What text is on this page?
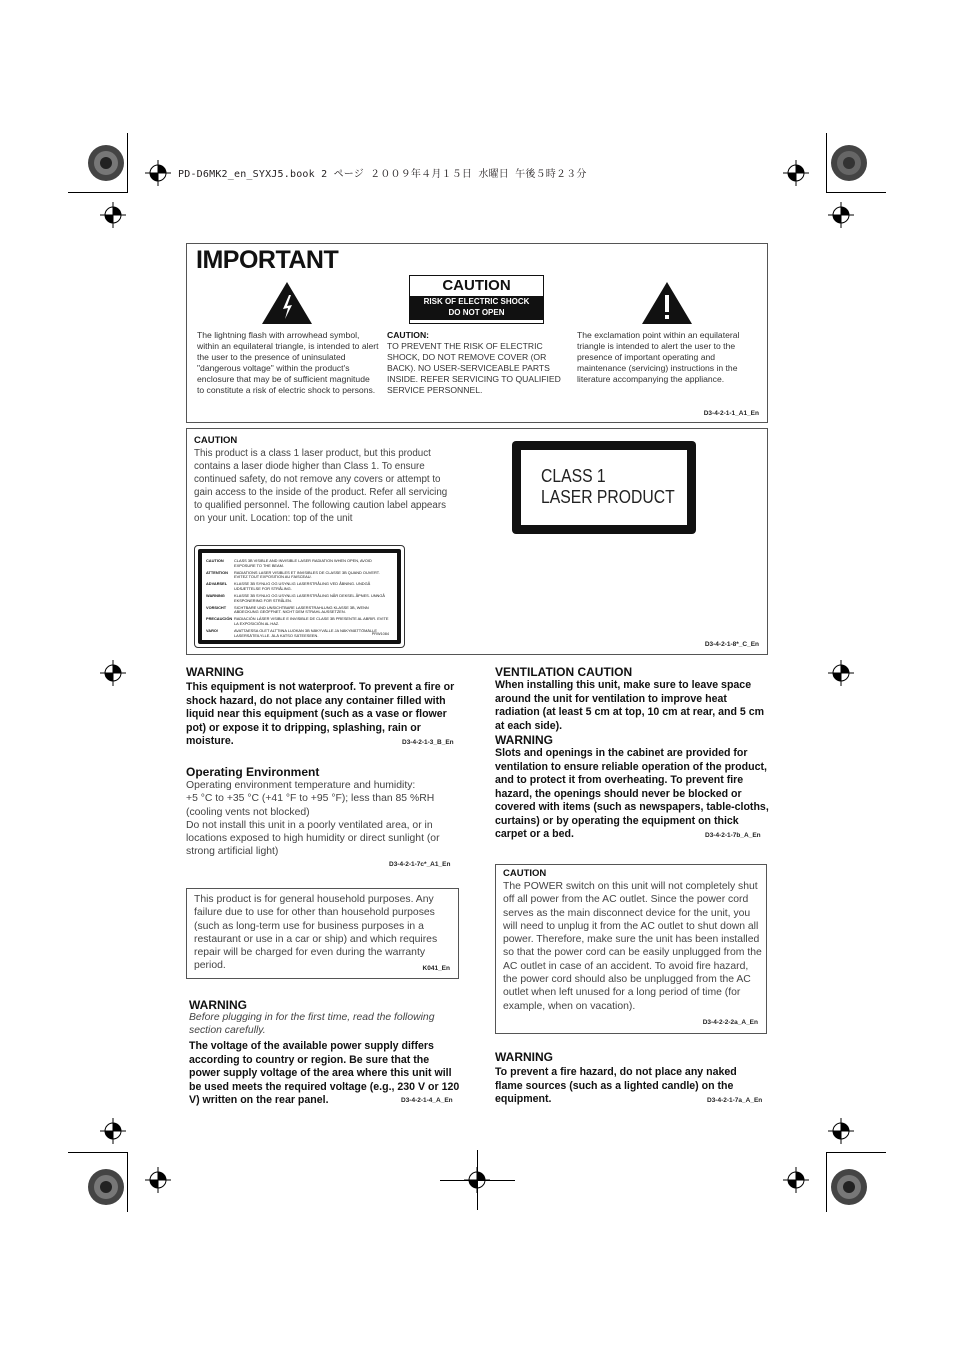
PD-D6MK2_en_SYXJ5.book 2 ページ ２００９年４月１５日 水曜日 午後５時２３分
IMPORTANT
CAUTION
RISK OF ELECTRIC SHOCK
DO NOT OPEN
The lightning flash with arrowhead symbol, within an equilateral triangle, is intended to alert the user to the presence of uninsulated "dangerous voltage" within the product's enclosure that may be of sufficient magnitude to constitute a risk of electric shock to persons.
CAUTION:
TO PREVENT THE RISK OF ELECTRIC SHOCK, DO NOT REMOVE COVER (OR BACK). NO USER-SERVICEABLE PARTS INSIDE. REFER SERVICING TO QUALIFIED SERVICE PERSONNEL.
The exclamation point within an equilateral triangle is intended to alert the user to the presence of important operating and maintenance (servicing) instructions in the literature accompanying the appliance.
D3-4-2-1-1_A1_En
CAUTION
This product is a class 1 laser product, but this product contains a laser diode higher than Class 1. To ensure continued safety, do not remove any covers or attempt to gain access to the inside of the product. Refer all servicing to qualified personnel. The following caution label appears on your unit. Location: top of the unit
CLASS 1
LASER PRODUCT
CAUTION	CLASS 3B VISIBLE AND INVISIBLE LASER RADIATION WHEN OPEN, AVOID EXPOSURE TO THE BEAM.
ATTENTION	RADIATIONS LASER VISIBLES ET INVISIBLES DE CLASSE 3B QUAND OUVERT. EVITEZ TOUT EXPOSITION AU FAISCEAU.
ADVARSEL	KLASSE 3B SYNLIG OG USYNLIG LASERSTRÅLING VED ÅBNING. UNDGÅ UDSÆTTELSE FOR STRÅLING.
WARNING	KLASSE 3B SYNLIG OG USYNLIG LASERSTRÅLING NÅR DEKSEL ÅPNES. UNNGÅ EKSPONERING FOR STRÅLEN.
VORSICHT	SICHTBARE UND UNSICHTBARE LASERSTRAHLUNG KLASSE 3B, WENN ABDECKUNG GEÖFFNET. NICHT DEM STRAHL AUSSETZEN.
PRECAUCIÓN RADIACIÓN LÁSER VISIBLE E INVISIBLE DE CLASE 3B PRESENTE AL ABRIR. EVITE LA EXPOSICIÓN AL HAZ.
VARO!	AVATTAESSA OLET ALTTIINA LUOKAN 3B NÄKYVÄLLE JA NÄKYMÄTTÖMÄLLE LASERSÄTEILYLLE. ÄLÄ KATSO SÄTEESEEN.	PRW1084
D3-4-2-1-8*_C_En
WARNING
This equipment is not waterproof. To prevent a fire or shock hazard, do not place any container filled with liquid near this equipment (such as a vase or flower pot) or expose it to dripping, splashing, rain or moisture.	D3-4-2-1-3_B_En
Operating Environment
Operating environment temperature and humidity:
+5 °C to +35 °C (+41 °F to +95 °F); less than 85 %RH (cooling vents not blocked)
Do not install this unit in a poorly ventilated area, or in locations exposed to high humidity or direct sunlight (or strong artificial light)
D3-4-2-1-7c*_A1_En
This product is for general household purposes. Any failure due to use for other than household purposes (such as long-term use for business purposes in a restaurant or use in a car or ship) and which requires repair will be charged for even during the warranty period.	K041_En
WARNING
Before plugging in for the first time, read the following section carefully.
The voltage of the available power supply differs according to country or region. Be sure that the power supply voltage of the area where this unit will be used meets the required voltage (e.g., 230 V or 120 V) written on the rear panel.	D3-4-2-1-4_A_En
VENTILATION CAUTION
When installing this unit, make sure to leave space around the unit for ventilation to improve heat radiation (at least 5 cm at top, 10 cm at rear, and 5 cm at each side).
WARNING
Slots and openings in the cabinet are provided for ventilation to ensure reliable operation of the product, and to protect it from overheating. To prevent fire hazard, the openings should never be blocked or covered with items (such as newspapers, table-cloths, curtains) or by operating the equipment on thick carpet or a bed.	D3-4-2-1-7b_A_En
CAUTION
The POWER switch on this unit will not completely shut off all power from the AC outlet. Since the power cord serves as the main disconnect device for the unit, you will need to unplug it from the AC outlet to shut down all power. Therefore, make sure the unit has been installed so that the power cord can be easily unplugged from the AC outlet in case of an accident. To avoid fire hazard, the power cord should also be unplugged from the AC outlet when left unused for a long period of time (for example, when on vacation).
D3-4-2-2-2a_A_En
WARNING
To prevent a fire hazard, do not place any naked flame sources (such as a lighted candle) on the equipment.	D3-4-2-1-7a_A_En
